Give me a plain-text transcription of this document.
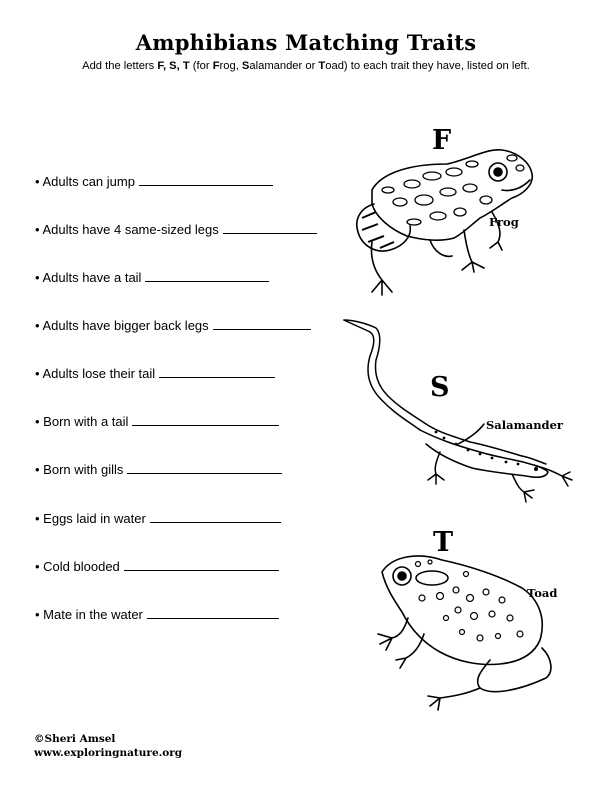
Amphibians Matching Traits
Add the letters F, S, T (for Frog, Salamander or Toad) to each trait they have, listed on left.
• Adults can jump
• Adults have 4 same-sized legs
• Adults have a tail
• Adults have bigger back legs
• Adults lose their tail
• Born with a tail
• Born with gills
• Eggs laid in water
• Cold blooded
• Mate in the water
F
Frog
S
Salamander
T
Toad
©Sheri Amsel
www.exploringnature.org
